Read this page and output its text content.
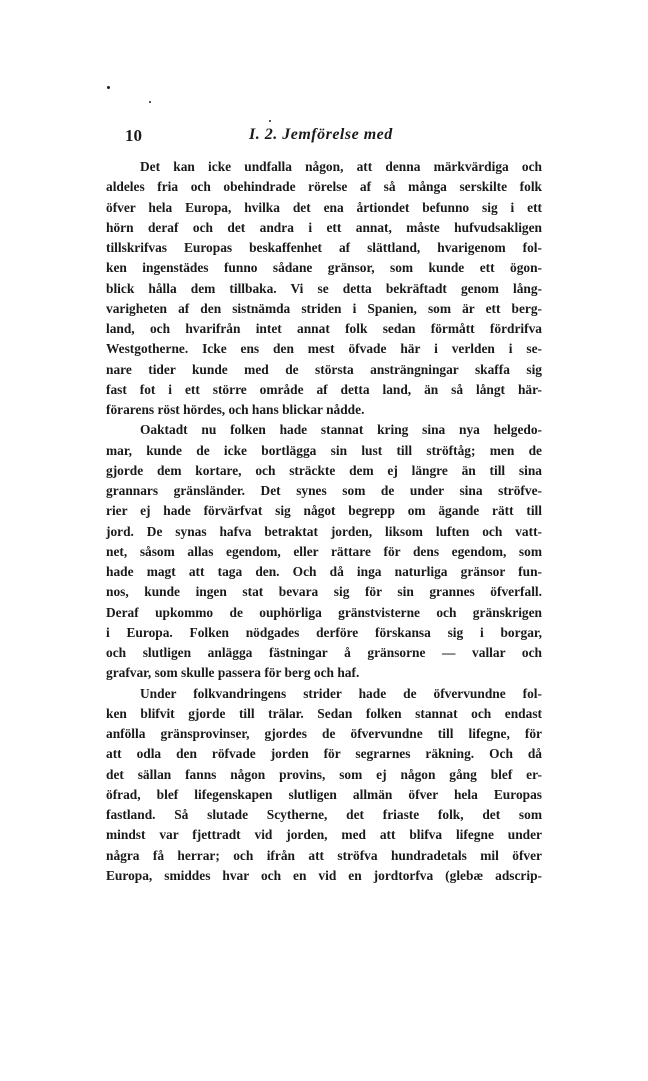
10	I. 2. Jemförelse med
Det kan icke undfalla någon, att denna märkvärdiga och
aldeles fria och obehindrade rörelse af så många serskilte folk
öfver hela Europa, hvilka det ena årtiondet befunno sig i ett
hörn deraf och det andra i ett annat, måste hufvudsakligen
tillskrifvas Europas beskaffenhet af slättland, hvarigenom fol-
ken ingenstädes funno sådane gränsor, som kunde ett ögon-
blick hålla dem tillbaka. Vi se detta bekräftadt genom lång-
varigheten af den sistnämda striden i Spanien, som är ett berg-
land, och hvarifrån intet annat folk sedan förmått fördrifva
Westgotherne. Icke ens den mest öfvade här i verlden i se-
nare tider kunde med de största ansträngningar skaffa sig
fast fot i ett större område af detta land, än så långt här-
förarens röst hördes, och hans blickar nådde.
Oaktadt nu folken hade stannat kring sina nya helgedo-
mar, kunde de icke bortlägga sin lust till ströftåg; men de
gjorde dem kortare, och sträckte dem ej längre än till sina
grannars gränsländer. Det synes som de under sina ströfve-
rier ej hade förvärfvat sig något begrepp om ägande rätt till
jord. De synas hafva betraktat jorden, liksom luften och vatt-
net, såsom allas egendom, eller rättare för dens egendom, som
hade magt att taga den. Och då inga naturliga gränsor fun-
nos, kunde ingen stat bevara sig för sin grannes öfverfall.
Deraf upkommo de ouphörliga gränstvisterne och gränskrigen
i Europa. Folken nödgades derföre förskansa sig i borgar,
och slutligen anlägga fästningar å gränsorne — vallar och
grafvar, som skulle passera för berg och haf.
Under folkvandringens strider hade de öfvervundne fol-
ken blifvit gjorde till trälar. Sedan folken stannat och endast
anfölla gränsprovinser, gjordes de öfvervundne till lifegne, för
att odla den röfvade jorden för segrarnes räkning. Och då
det sällan fanns någon provins, som ej någon gång blef er-
öfrad, blef lifegenskapen slutligen allmän öfver hela Europas
fastland. Så slutade Scytherne, det friaste folk, det som
mindst var fjettradt vid jorden, med att blifva lifegne under
några få herrar; och ifrån att ströfva hundradetals mil öfver
Europa, smiddes hvar och en vid en jordtorfva (glebæ adscrip-
